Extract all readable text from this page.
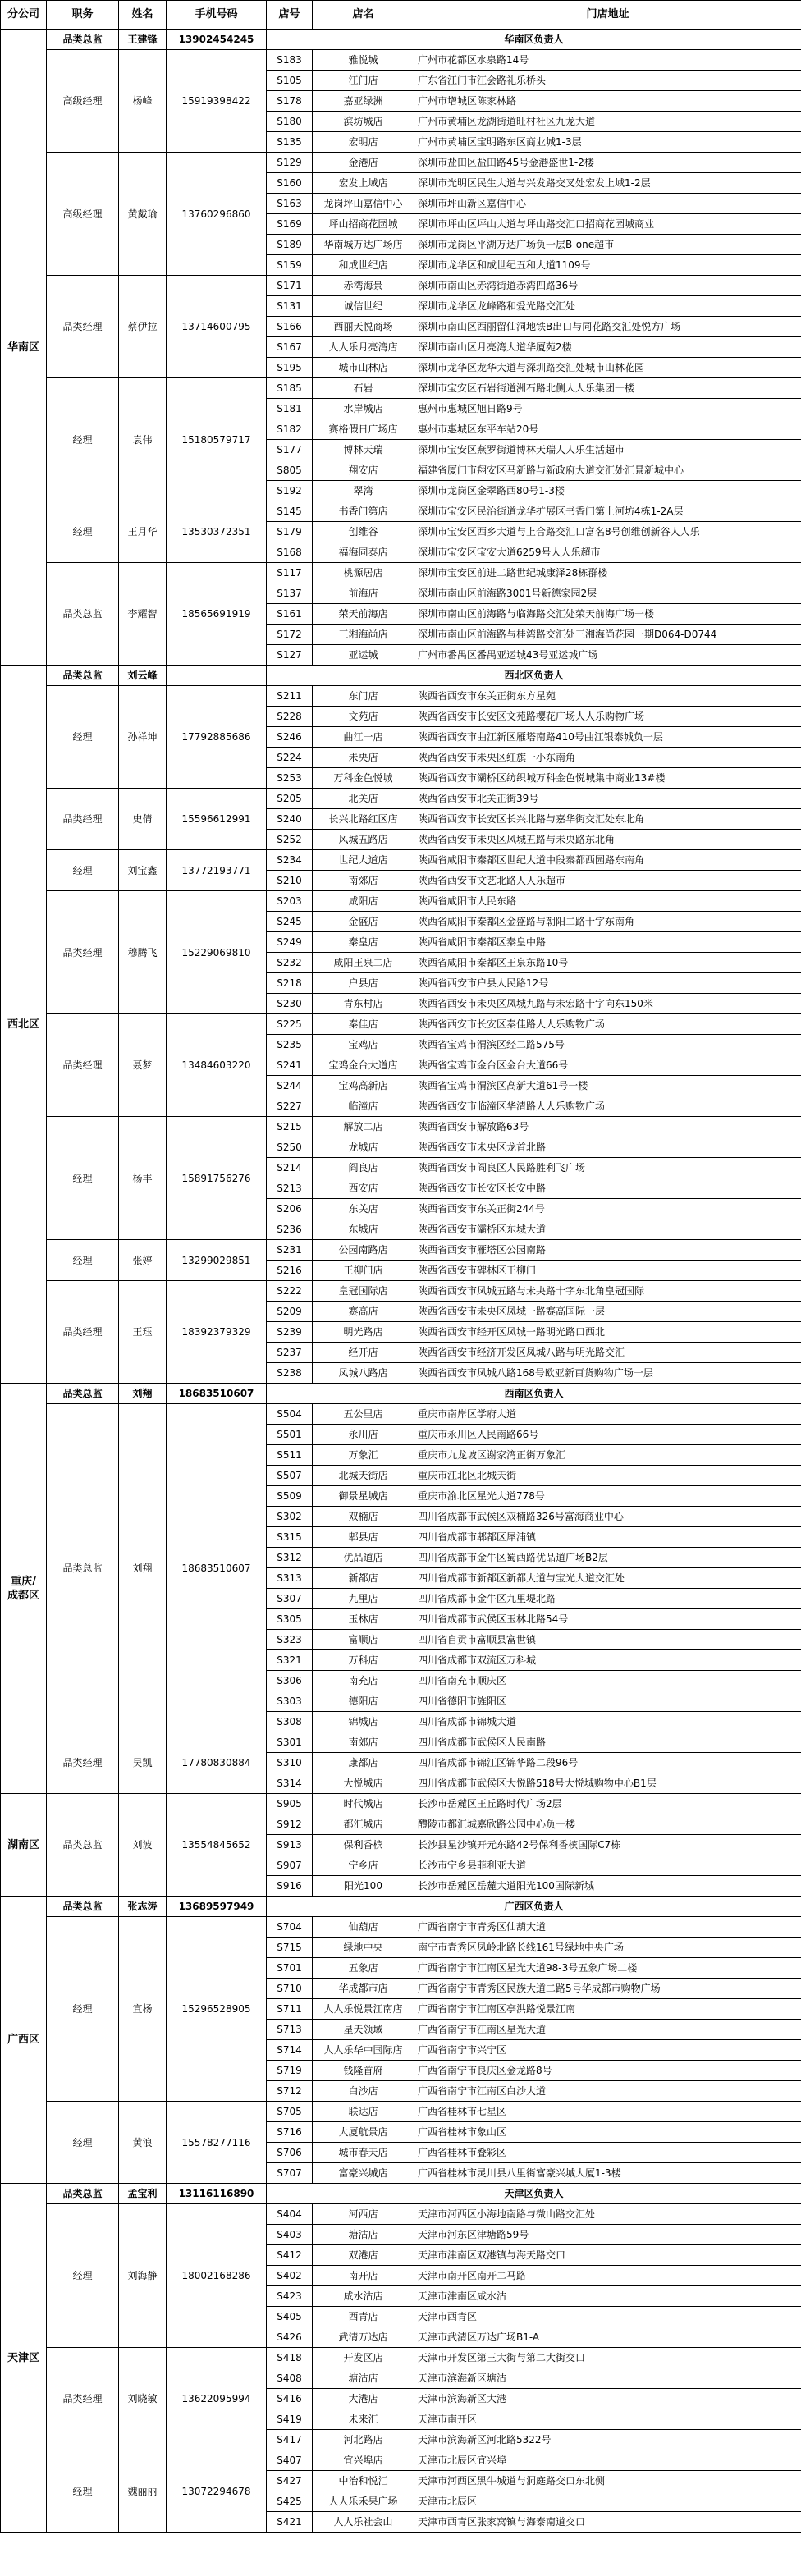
分公司	职务	姓名	手机号码	店号	店名	门店地址
华南区	品类总监	王建锋	13902454245	华南区负责人		
	高级经理	杨峰	15919398422	S183	雅悦城	广州市花都区水泉路14号
				S105	江门店	广东省江门市江会路礼乐桥头
				S178	嘉亚绿洲	广州市增城区陈家林路
				S180	滨坊城店	广州市黄埔区龙湖街道旺村社区九龙大道
				S135	宏明店	广州市黄埔区宝明路东区商业城1-3层
	高级经理	黄戴瑜	13760296860	S129	金港店	深圳市盐田区盐田路45号金港盛世1-2楼
				S160	宏发上域店	深圳市光明区民生大道与兴发路交叉处宏发上域1-2层
				S163	龙岗坪山嘉信中心	深圳市坪山新区嘉信中心
				S169	坪山招商花园城	深圳市坪山区坪山大道与坪山路交汇口招商花园城商业
				S189	华南城万达广场店	深圳市龙岗区平湖万达广场负一层B-one超市
				S159	和成世纪店	深圳市龙华区和成世纪五和大道1109号
	品类经理	蔡伊拉	13714600795	S171	赤湾海景	深圳市南山区赤湾街道赤湾四路36号
				S131	诚信世纪	深圳市龙华区龙峰路和爱光路交汇处
				S166	西丽天悦商场	深圳市南山区西丽留仙洞地铁B出口与同花路交汇处悦方广场
				S167	人人乐月亮湾店	深圳市南山区月亮湾大道华厦苑2楼
				S195	城市山林店	深圳市龙华区龙华大道与深圳路交汇处城市山林花园
	经理	袁伟	15180579717	S185	石岩	深圳市宝安区石岩街道洲石路北侧人人乐集团一楼
				S181	水岸城店	惠州市惠城区旭日路9号
				S182	赛格假日广场店	惠州市惠城区东平车站20号
				S177	博林天瑞	深圳市宝安区燕罗街道博林天瑞人人乐生活超市
				S805	翔安店	福建省厦门市翔安区马新路与新政府大道交汇处汇景新城中心
				S192	翠湾	深圳市龙岗区金翠路西80号1-3楼
	经理	王月华	13530372351	S145	书香门第店	深圳市宝安区民治街道龙华扩展区书香门第上河坊4栋1-2A层
				S179	创维谷	深圳市宝安区西乡大道与上合路交汇口富名8号创维创新谷人人乐
				S168	福海同泰店	深圳市宝安区宝安大道6259号人人乐超市
	品类总监	李耀智	18565691919	S117	桃源居店	深圳市宝安区前进二路世纪城康泽28栋群楼
				S137	前海店	深圳市南山区前海路3001号新德家园2层
				S161	荣天前海店	深圳市南山区前海路与临海路交汇处荣天前海广场一楼
				S172	三湘海尚店	深圳市南山区前海路与桂湾路交汇处三湘海尚花园一期D064-D0744
				S127	亚运城	广州市番禺区番禺亚运城43号亚运城广场
西北区	品类总监	刘云峰		西北区负责人		
	经理	孙祥坤	17792885686	S211	东门店	陕西省西安市东关正街东方星苑
				S228	文苑店	陕西省西安市长安区文苑路樱花广场人人乐购物广场
				S246	曲江一店	陕西省西安市曲江新区雁塔南路410号曲江银泰城负一层
				S224	未央店	陕西省西安市未央区红旗一小东南角
				S253	万科金色悦城	陕西省西安市灞桥区纺织城万科金色悦城集中商业13#楼
	品类经理	史倩	15596612991	S205	北关店	陕西省西安市北关正街39号
				S240	长兴北路红区店	陕西省西安市长安区长兴北路与嘉华街交汇处东北角
				S252	风城五路店	陕西省西安市未央区风城五路与未央路东北角
	经理	刘宝鑫	13772193771	S234	世纪大道店	陕西省咸阳市秦都区世纪大道中段秦都西园路东南角
				S210	南郊店	陕西省西安市文艺北路人人乐超市
	品类经理	穆腾飞	15229069810	S203	咸阳店	陕西省咸阳市人民东路
				S245	金盛店	陕西省咸阳市秦都区金盛路与朝阳二路十字东南角
				S249	秦皇店	陕西省咸阳市秦都区秦皇中路
				S232	咸阳王泉二店	陕西省咸阳市秦都区王泉东路10号
				S218	户县店	陕西省西安市户县人民路12号
				S230	青东村店	陕西省西安市未央区凤城九路与未宏路十字向东150米
	品类经理	聂梦	13484603220	S225	秦佳店	陕西省西安市长安区秦佳路人人乐购物广场
				S235	宝鸡店	陕西省宝鸡市渭滨区经二路575号
				S241	宝鸡金台大道店	陕西省宝鸡市金台区金台大道66号
				S244	宝鸡高新店	陕西省宝鸡市渭滨区高新大道61号一楼
				S227	临潼店	陕西省西安市临潼区华清路人人乐购物广场
	经理	杨丰	15891756276	S215	解放二店	陕西省西安市解放路63号
				S250	龙城店	陕西省西安市未央区龙首北路
				S214	阎良店	陕西省西安市阎良区人民路胜利飞广场
				S213	西安店	陕西省西安市长安区长安中路
				S206	东关店	陕西省西安市东关正街244号
				S236	东城店	陕西省西安市灞桥区东城大道
	经理	张婷	13299029851	S231	公园南路店	陕西省西安市雁塔区公园南路
				S216	王柳门店	陕西省西安市碑林区王柳门
	品类经理	王珏	18392379329	S222	皇冠国际店	陕西省西安市凤城五路与未央路十字东北角皇冠国际
				S209	赛高店	陕西省西安市未央区凤城一路赛高国际一层
				S239	明光路店	陕西省西安市经开区凤城一路明光路口西北
				S237	经开店	陕西省西安市经济开发区凤城八路与明光路交汇
				S238	凤城八路店	陕西省西安市凤城八路168号欧亚新百货购物广场一层
重庆/
成都区	品类总监	刘翔	18683510607	西南区负责人		
	品类总监	刘翔	18683510607	S504	五公里店	重庆市南岸区学府大道
				S501	永川店	重庆市永川区人民南路66号
				S511	万象汇	重庆市九龙坡区谢家湾正街万象汇
				S507	北城天街店	重庆市江北区北城天街
				S509	御景星城店	重庆市渝北区星光大道778号
				S302	双楠店	四川省成都市武侯区双楠路326号富海商业中心
				S315	郫县店	四川省成都市郫都区犀浦镇
				S312	优品道店	四川省成都市金牛区蜀西路优品道广场B2层
				S313	新都店	四川省成都市新都区新都大道与宝光大道交汇处
				S307	九里店	四川省成都市金牛区九里堤北路
				S305	玉林店	四川省成都市武侯区玉林北路54号
				S323	富顺店	四川省自贡市富顺县富世镇
				S321	万科店	四川省成都市双流区万科城
				S306	南充店	四川省南充市顺庆区
				S303	德阳店	四川省德阳市旌阳区
				S308	锦城店	四川省成都市锦城大道
	品类经理	吴凯	17780830884	S301	南郊店	四川省成都市武侯区人民南路
				S310	康都店	四川省成都市锦江区锦华路二段96号
				S314	大悦城店	四川省成都市武侯区大悦路518号大悦城购物中心B1层
湖南区	品类总监	刘波	13554845652	S905	时代城店	长沙市岳麓区王丘路时代广场2层
				S912	都汇城店	醴陵市都汇城嘉欣路公园中心负一楼
				S913	保利香槟	长沙县星沙镇开元东路42号保利香槟国际C7栋
				S907	宁乡店	长沙市宁乡县菲利亚大道
				S916	阳光100	长沙市岳麓区岳麓大道阳光100国际新城
广西区	品类总监	张志涛	13689597949	广西区负责人		
	经理	宣杨	15296528905	S704	仙葫店	广西省南宁市青秀区仙葫大道
				S715	绿地中央	南宁市青秀区凤岭北路长线161号绿地中央广场
				S701	五象店	广西省南宁市江南区星光大道98-3号五象广场二楼
				S710	华成都市店	广西省南宁市青秀区民族大道二路5号华成都市购物广场
				S711	人人乐悦景江南店	广西省南宁市江南区亭洪路悦景江南
				S713	星天领域	广西省南宁市江南区星光大道
				S714	人人乐华中国际店	广西省南宁市兴宁区
				S719	钱隆首府	广西省南宁市良庆区金龙路8号
				S712	白沙店	广西省南宁市江南区白沙大道
	经理	黄浪	15578277116	S705	联达店	广西省桂林市七星区
				S716	大厦航景店	广西省桂林市象山区
				S706	城市春天店	广西省桂林市叠彩区
				S707	富豪兴城店	广西省桂林市灵川县八里街富豪兴城大厦1-3楼
天津区	品类总监	孟宝利	13116116890	天津区负责人		
	经理	刘海静	18002168286	S404	河西店	天津市河西区小海地南路与微山路交汇处
				S403	塘沽店	天津市河东区津塘路59号
				S412	双港店	天津市津南区双港镇与海天路交口
				S402	南开店	天津市南开区南开二马路
				S423	咸水沽店	天津市津南区咸水沽
				S405	西青店	天津市西青区
				S426	武清万达店	天津市武清区万达广场B1-A
	品类经理	刘晓敏	13622095994	S418	开发区店	天津市开发区第三大街与第二大街交口
				S408	塘沽店	天津市滨海新区塘沽
				S416	大港店	天津市滨海新区大港
				S419	未来汇	天津市南开区
				S417	河北路店	天津市滨海新区河北路5322号
	经理	魏丽丽	13072294678	S407	宜兴埠店	天津市北辰区宜兴埠
				S427	中治和悦汇	天津市河西区黑牛城道与洞庭路交口东北侧
				S425	人人乐禾果广场	天津市北辰区
				S421	人人乐社会山	天津市西青区张家窝镇与海泰南道交口
